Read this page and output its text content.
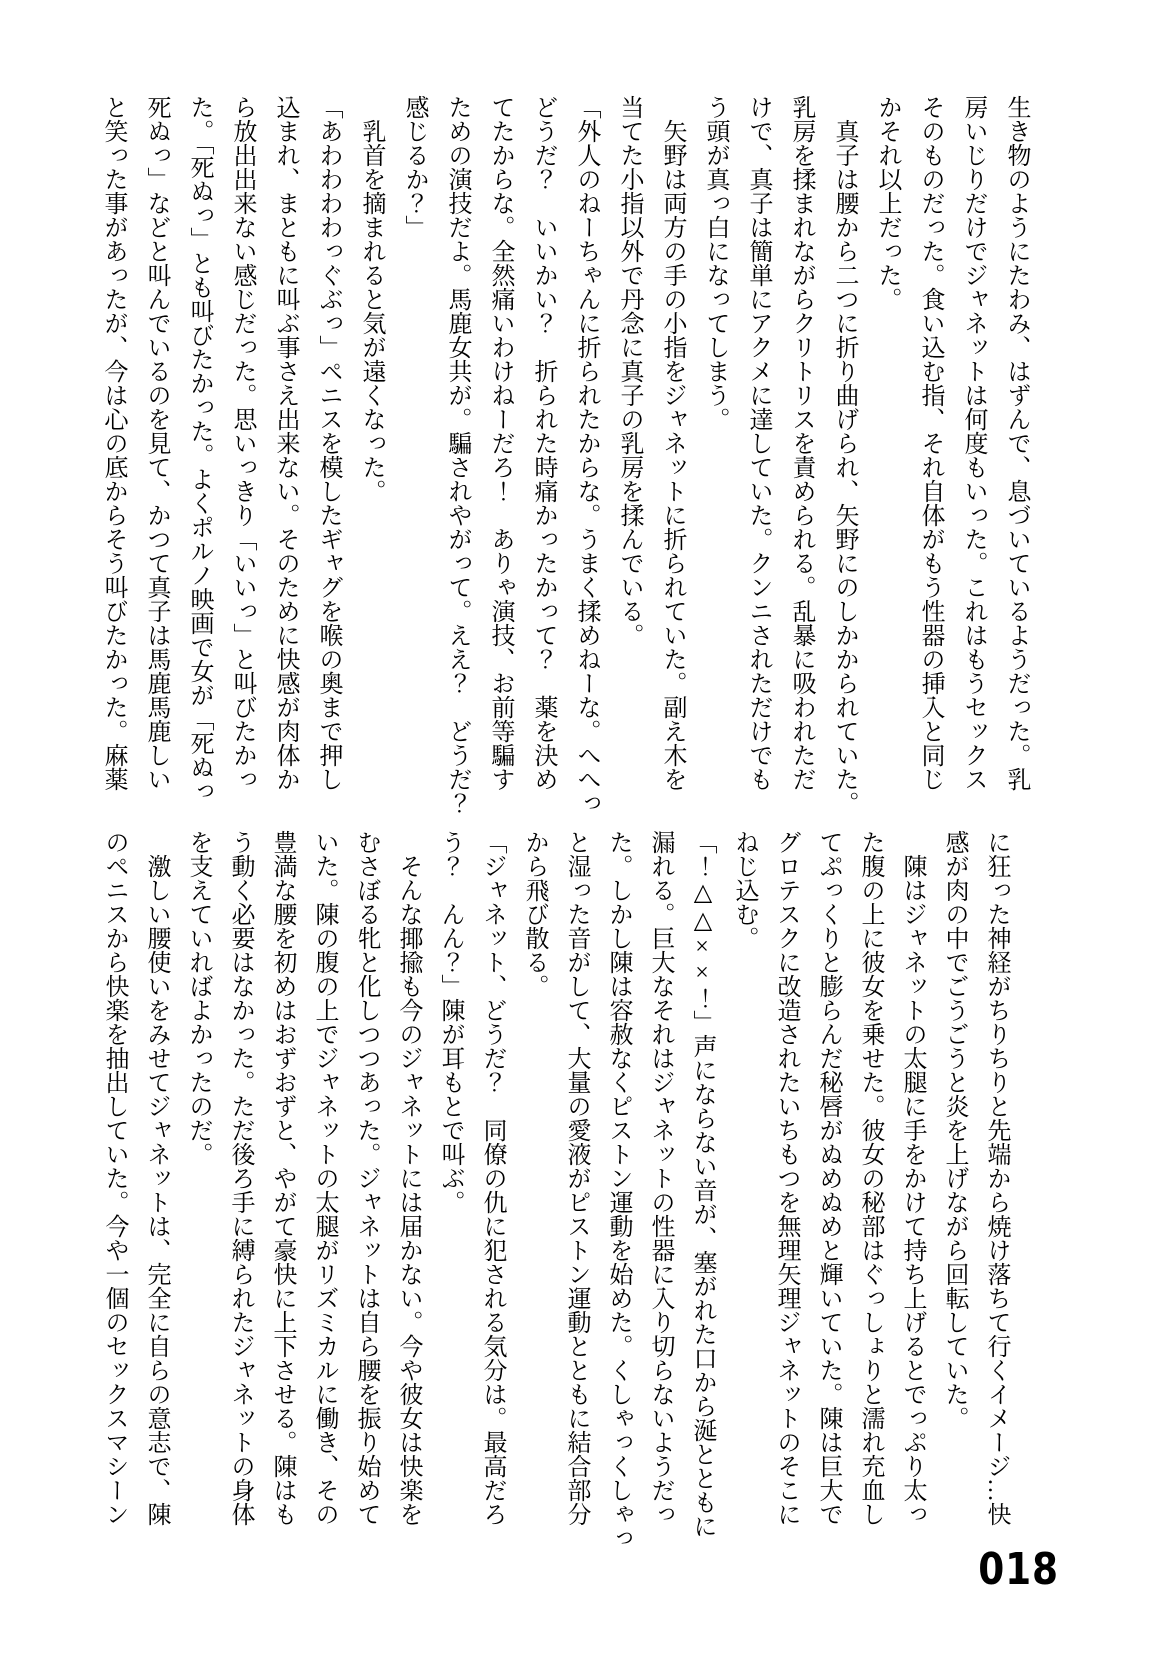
生き物のようにたわみ、はずんで、息づいているようだった。乳
房いじりだけでジャネットは何度もいった。これはもうセックス
そのものだった。食い込む指、それ自体がもう性器の挿入と同じ
かそれ以上だった。
　真子は腰から二つに折り曲げられ、矢野にのしかかられていた。
乳房を揉まれながらクリトリスを責められる。乱暴に吸われただ
けで、真子は簡単にアクメに達していた。クンニされただけでも
う頭が真っ白になってしまう。
　矢野は両方の手の小指をジャネットに折られていた。副え木を
当てた小指以外で丹念に真子の乳房を揉んでいる。
「外人のねーちゃんに折られたからな。うまく揉めねーな。へへっ
どうだ？　いいかい？　折られた時痛かったかって？　薬を決め
てたからな。全然痛いわけねーだろ！　ありゃ演技、お前等騙す
ための演技だよ。馬鹿女共が。騙されやがって。ええ？　どうだ？
感じるか？」
　乳首を摘まれると気が遠くなった。
「あわわわわっぐぶっ」ペニスを模したギャグを喉の奥まで押し
込まれ、まともに叫ぶ事さえ出来ない。そのために快感が肉体か
ら放出出来ない感じだった。思いっきり「いいっ」と叫びたかっ
た。「死ぬっ」とも叫びたかった。よくポルノ映画で女が「死ぬっ
死ぬっ」などと叫んでいるのを見て、かつて真子は馬鹿馬鹿しい
と笑った事があったが、今は心の底からそう叫びたかった。麻薬
に狂った神経がちりちりと先端から焼け落ちて行くイメージ…快
感が肉の中でごうごうと炎を上げながら回転していた。
　陳はジャネットの太腿に手をかけて持ち上げるとでっぷり太っ
た腹の上に彼女を乗せた。彼女の秘部はぐっしょりと濡れ充血し
てぷっくりと膨らんだ秘唇がぬめぬめと輝いていた。陳は巨大で
グロテスクに改造されたいちもつを無理矢理ジャネットのそこに
ねじ込む。
「！△△××！」声にならない音が、塞がれた口から涎とともに
漏れる。巨大なそれはジャネットの性器に入り切らないようだっ
た。しかし陳は容赦なくピストン運動を始めた。くしゃっくしゃっ
と湿った音がして、大量の愛液がピストン運動とともに結合部分
から飛び散る。
「ジャネット、どうだ？　同僚の仇に犯される気分は。最高だろ
う？　んん？」陳が耳もとで叫ぶ。
　そんな揶揄も今のジャネットには届かない。今や彼女は快楽を
むさぼる牝と化しつつあった。ジャネットは自ら腰を振り始めて
いた。陳の腹の上でジャネットの太腿がリズミカルに働き、その
豊満な腰を初めはおずおずと、やがて豪快に上下させる。陳はも
う動く必要はなかった。ただ後ろ手に縛られたジャネットの身体
を支えていればよかったのだ。
　激しい腰使いをみせてジャネットは、完全に自らの意志で、陳
のペニスから快楽を抽出していた。今や一個のセックスマシーン
018
